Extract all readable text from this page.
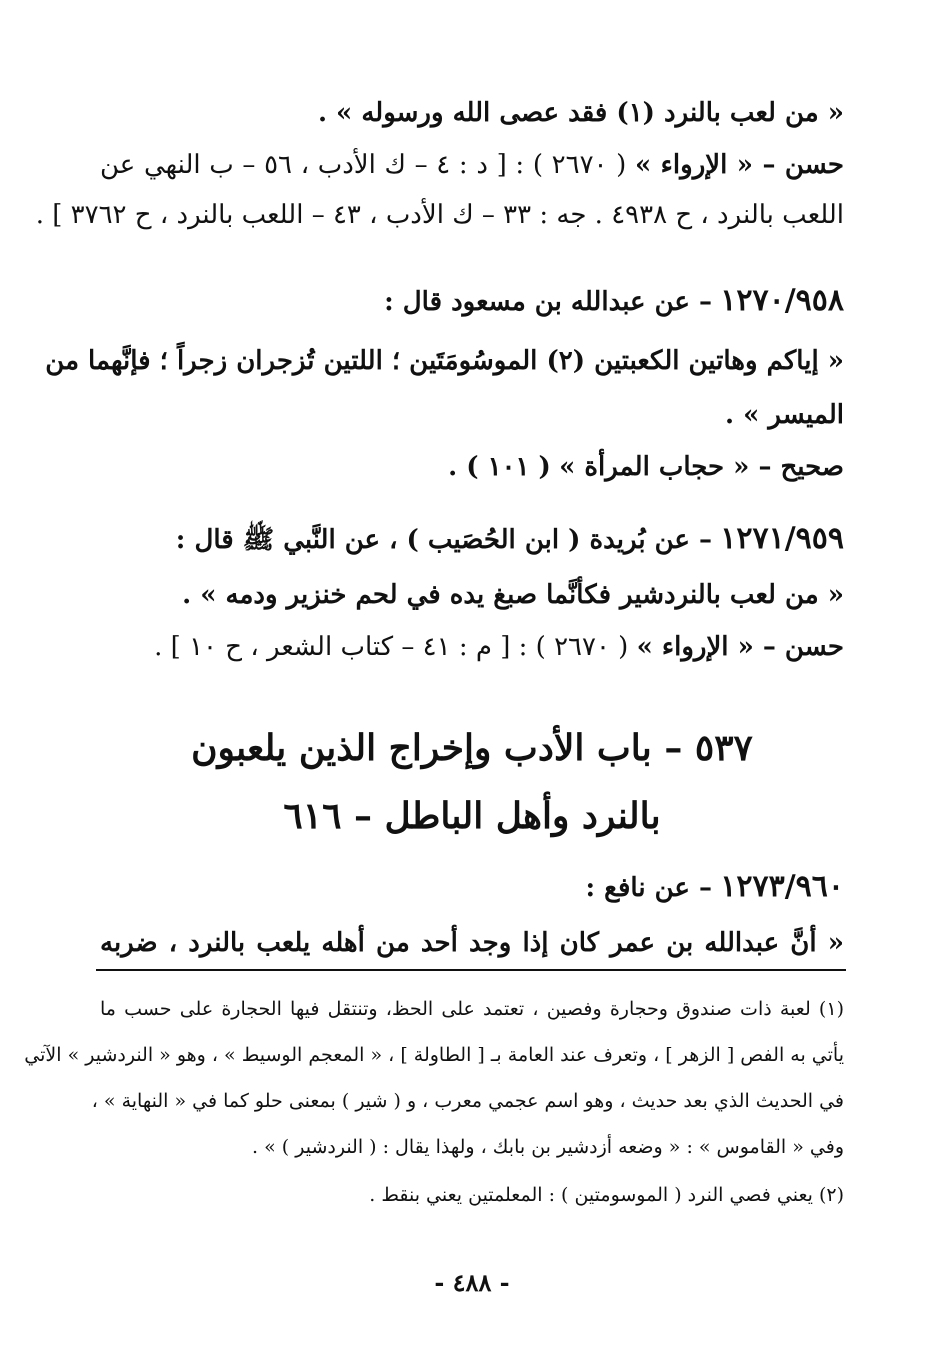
« من لعب بالنرد (١) فقد عصى الله ورسوله » .
حسن – « الإرواء » ( ٢٦٧٠ ) : [ د : ٤ – ك الأدب ، ٥٦ – ب النهي عن
اللعب بالنرد ، ح ٤٩٣٨ . جه : ٣٣ – ك الأدب ، ٤٣ – اللعب بالنرد ، ح ٣٧٦٢ ] .
١٢٧٠/٩٥٨ – عن عبدالله بن مسعود قال :
« إياكم وهاتين الكعبتين (٢) الموسُومَتَين ؛ اللتين تُزجران زجراً ؛ فإنَّهما من
الميسر » .
صحيح – « حجاب المرأة » ( ١٠١ ) .
١٢٧١/٩٥٩ – عن بُريدة ( ابن الحُصَيب ) ، عن النَّبي ﷺ قال :
« من لعب بالنردشير فكأنَّما صبغ يده في لحم خنزير ودمه » .
حسن – « الإرواء » ( ٢٦٧٠ ) : [ م : ٤١ – كتاب الشعر ، ح ١٠ ] .
٥٣٧ – باب الأدب وإخراج الذين يلعبون
بالنرد وأهل الباطل – ٦١٦
١٢٧٣/٩٦٠ – عن نافع :
« أنَّ عبدالله بن عمر كان إذا وجد أحد من أهله يلعب بالنرد ، ضربه
(١) لعبة ذات صندوق وحجارة وفصين ، تعتمد على الحظ، وتنتقل فيها الحجارة على حسب ما
يأتي به الفص [ الزهر ] ، وتعرف عند العامة بـ [ الطاولة ] ، « المعجم الوسيط » ، وهو « النردشير » الآتي
في الحديث الذي بعد حديث ، وهو اسم عجمي معرب ، و ( شير ) بمعنى حلو كما في « النهاية » ،
وفي « القاموس » : « وضعه أزدشير بن بابك ، ولهذا يقال : ( النردشير ) » .
(٢) يعني فصي النرد ( الموسومتين ) : المعلمتين يعني بنقط .
- ٤٨٨ -
